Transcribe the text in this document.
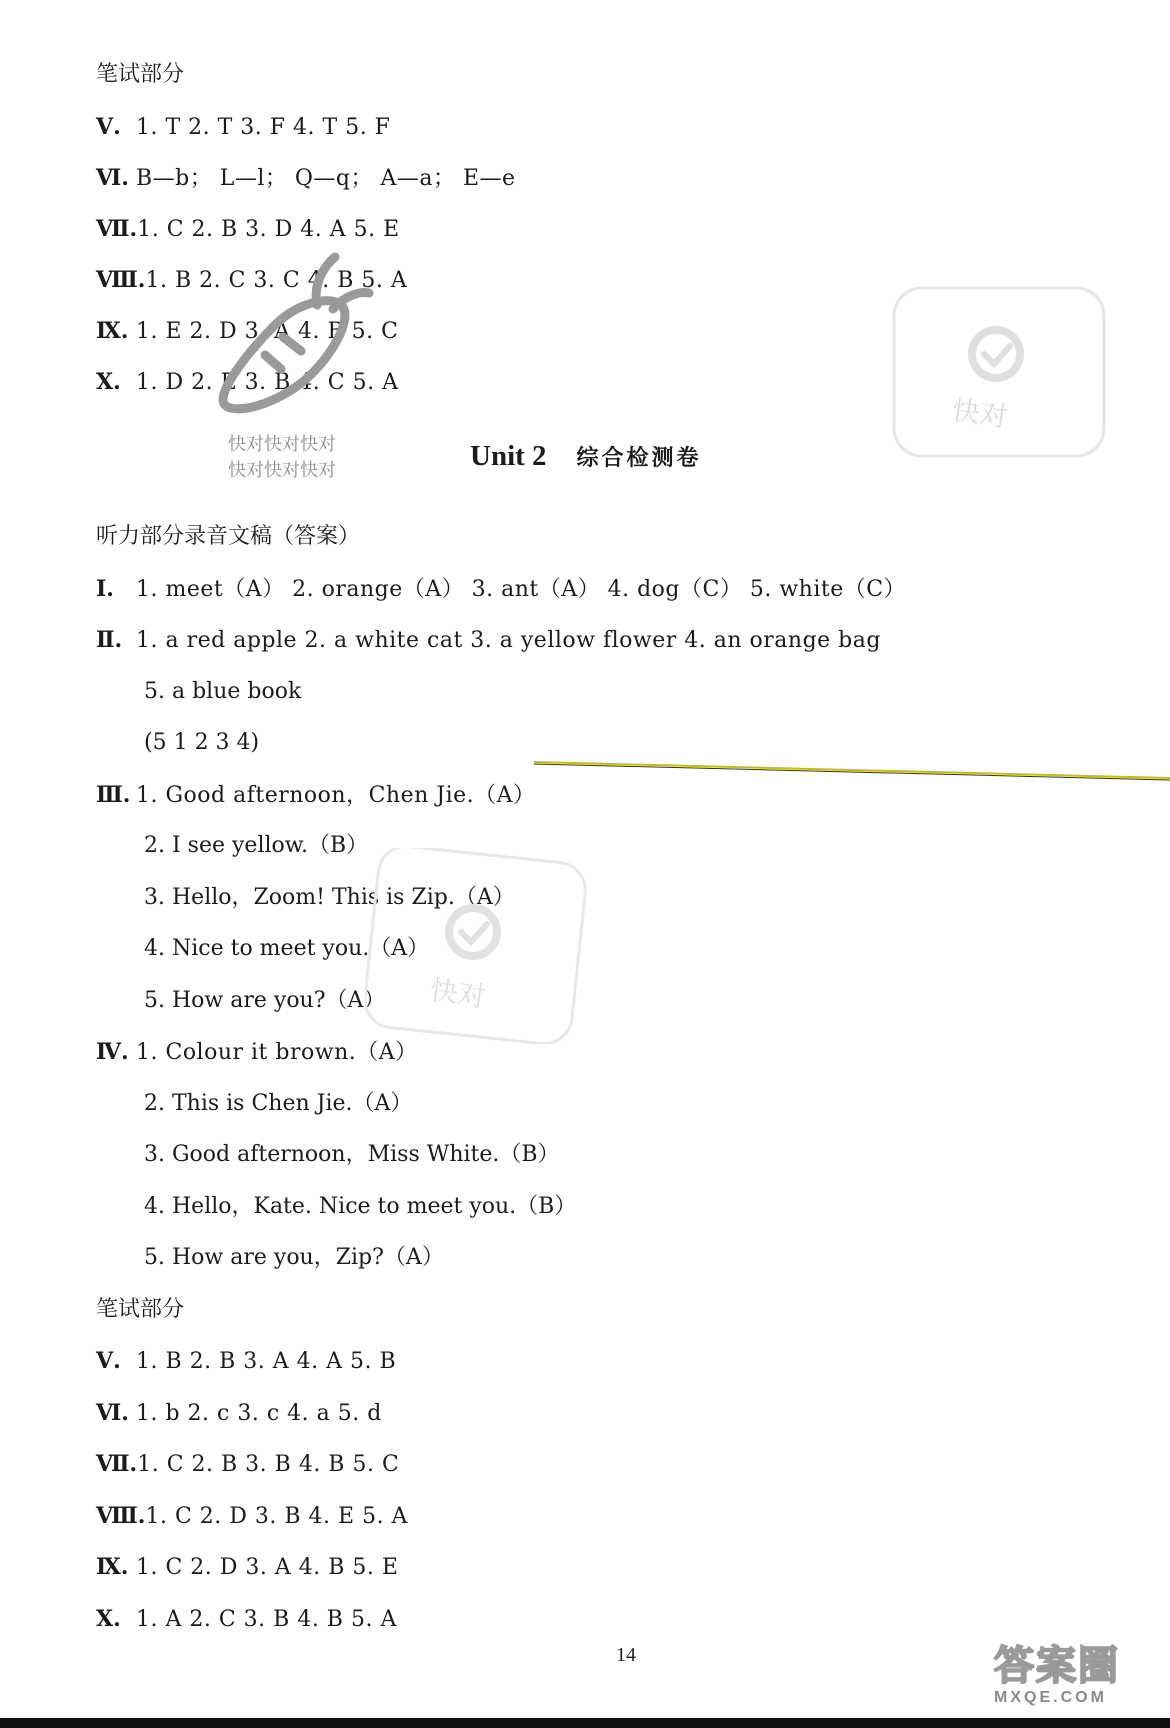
笔试部分
Ⅴ. 1. T 2. T 3. F 4. T 5. F
Ⅵ. B—b； L—l； Q—q； A—a； E—e
Ⅶ.1. C 2. B 3. D 4. A 5. E
Ⅷ.1. B 2. C 3. C 4. B 5. A
Ⅸ. 1. E 2. D 3. A 4. B 5. C
Ⅹ. 1. D 2. E 3. B 4. C 5. A
快对快对快对
快对快对快对
快对
Unit 2 综合检测卷
听力部分录音文稿（答案）
Ⅰ. 1. meet（A） 2. orange（A） 3. ant（A） 4. dog（C） 5. white（C）
Ⅱ. 1. a red apple 2. a white cat 3. a yellow flower 4. an orange bag
5. a blue book
(5 1 2 3 4)
Ⅲ. 1. Good afternoon，Chen Jie.（A）
2. I see yellow.（B）
3. Hello，Zoom! This is Zip.（A）
4. Nice to meet you.（A）
5. How are you?（A） 快对
Ⅳ. 1. Colour it brown.（A）
2. This is Chen Jie.（A）
3. Good afternoon，Miss White.（B）
4. Hello，Kate. Nice to meet you.（B）
5. How are you，Zip?（A）
笔试部分
Ⅴ. 1. B 2. B 3. A 4. A 5. B
Ⅵ. 1. b 2. c 3. c 4. a 5. d
Ⅶ.1. C 2. B 3. B 4. B 5. C
Ⅷ.1. C 2. D 3. B 4. E 5. A
Ⅸ. 1. C 2. D 3. A 4. B 5. E
Ⅹ. 1. A 2. C 3. B 4. B 5. A
14	答案圈
MXQE.COM
